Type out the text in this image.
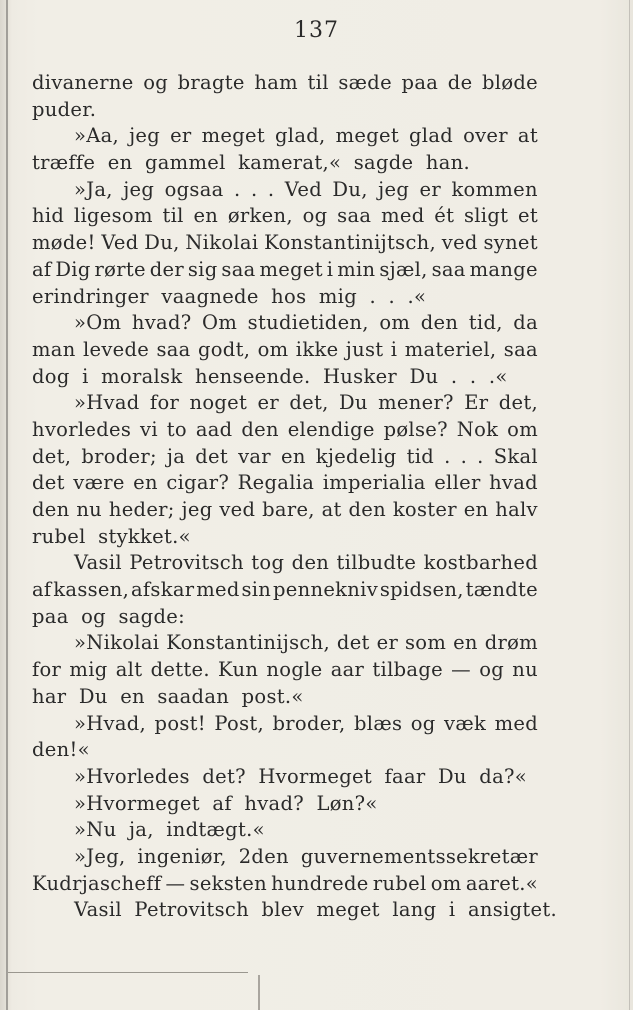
137
divanerne og bragte ham til sæde paa de bløde
puder.
»Aa, jeg er meget glad, meget glad over at
træffe en gammel kamerat,« sagde han.
»Ja, jeg ogsaa . . . Ved Du, jeg er kommen
hid ligesom til en ørken, og saa med ét sligt et
møde! Ved Du, Nikolai Konstantinijtsch, ved synet
af Dig rørte der sig saa meget i min sjæl, saa mange
erindringer vaagnede hos mig . . .«
»Om hvad? Om studietiden, om den tid, da
man levede saa godt, om ikke just i materiel, saa
dog i moralsk henseende. Husker Du . . .«
»Hvad for noget er det, Du mener? Er det,
hvorledes vi to aad den elendige pølse? Nok om
det, broder; ja det var en kjedelig tid . . . Skal
det være en cigar? Regalia imperialia eller hvad
den nu heder; jeg ved bare, at den koster en halv
rubel stykket.«
Vasil Petrovitsch tog den tilbudte kostbarhed
af kassen, afskar med sin pennekniv spidsen, tændte
paa og sagde:
»Nikolai Konstantinijsch, det er som en drøm
for mig alt dette. Kun nogle aar tilbage — og nu
har Du en saadan post.«
»Hvad, post! Post, broder, blæs og væk med
den!«
»Hvorledes det? Hvormeget faar Du da?«
»Hvormeget af hvad? Løn?«
»Nu ja, indtægt.«
»Jeg, ingeniør, 2den guvernementssekretær
Kudrjascheff — seksten hundrede rubel om aaret.«
Vasil Petrovitsch blev meget lang i ansigtet.
